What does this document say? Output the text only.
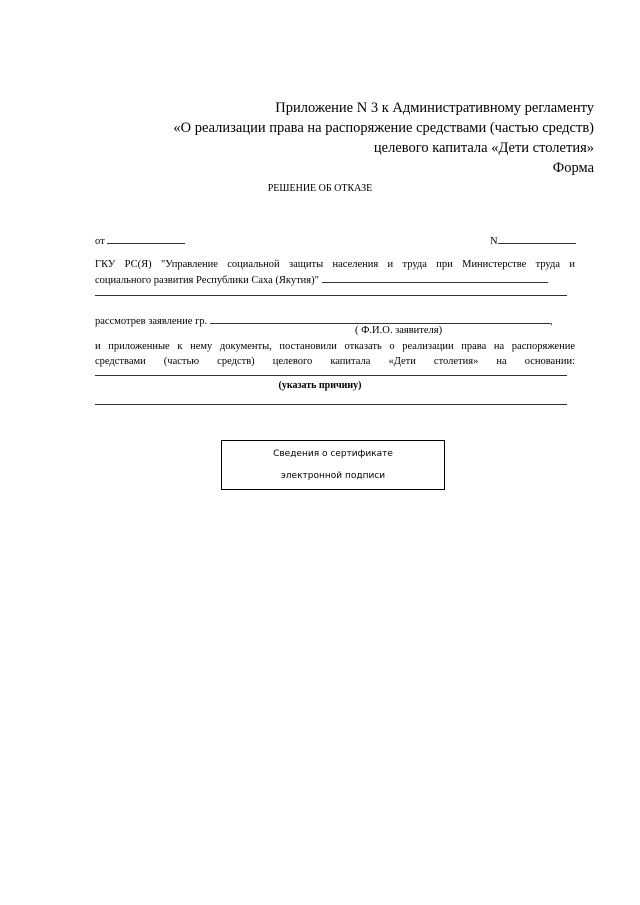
Приложение N 3 к Административному регламенту
«О реализации права на распоряжение средствами (частью средств)
целевого капитала «Дети столетия»
Форма
РЕШЕНИЕ ОБ ОТКАЗЕ
от	N
ГКУ РС(Я) "Управление социальной защиты населения и труда при Министерстве труда и
социального развития Республики Саха (Якутия)"
рассмотрев заявление гр.	,
( Ф.И.О. заявителя)
и приложенные к нему документы, постановили отказать о реализации права на распоряжение
средствами (частью средств) целевого капитала «Дети столетия» на основании:
(указать причину)
Сведения о сертификате
электронной подписи
